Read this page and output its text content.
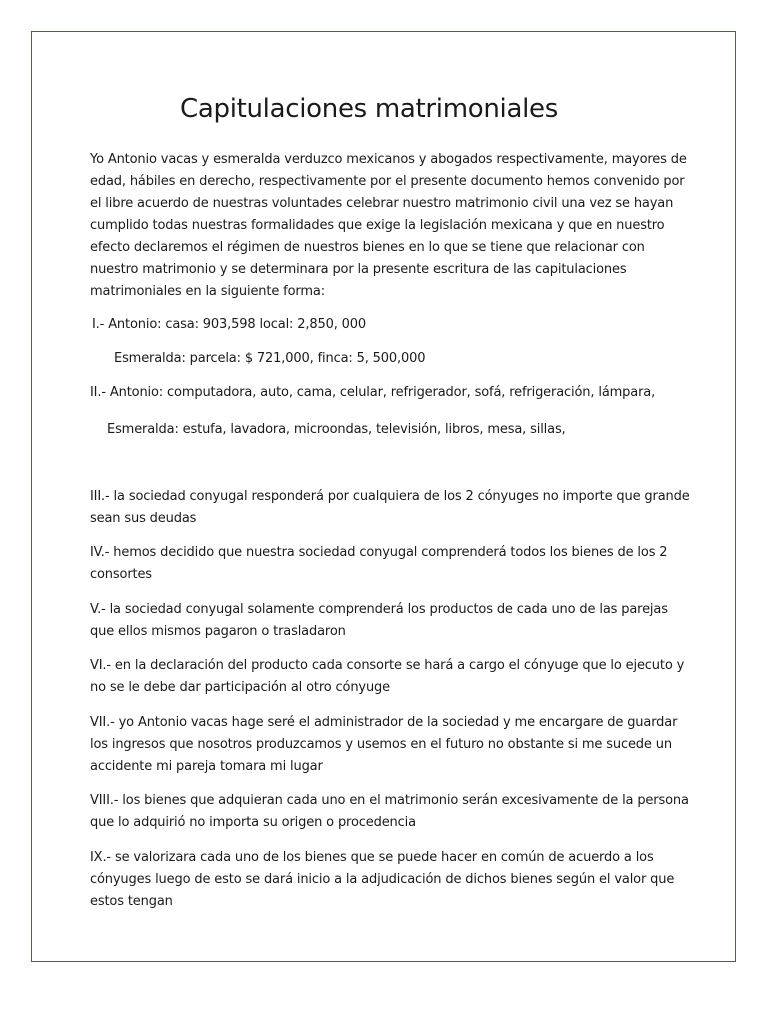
Capitulaciones matrimoniales

Yo Antonio vacas y esmeralda verduzco mexicanos y abogados respectivamente, mayores de edad, hábiles en derecho, respectivamente por el presente documento hemos convenido por el libre acuerdo de nuestras voluntades celebrar nuestro matrimonio civil una vez se hayan cumplido todas nuestras formalidades que exige la legislación mexicana y que en nuestro efecto declaremos el régimen de nuestros bienes en lo que se tiene que relacionar con nuestro matrimonio y se determinara por la presente escritura de las capitulaciones matrimoniales en la siguiente forma:

I.- Antonio: casa: 903,598 local: 2,850, 000
Esmeralda: parcela: $ 721,000, finca: 5, 500,000
II.- Antonio: computadora, auto, cama, celular, refrigerador, sofá, refrigeración, lámpara,
Esmeralda: estufa, lavadora, microondas, televisión, libros, mesa, sillas,

III.- la sociedad conyugal responderá por cualquiera de los 2 cónyuges no importe que grande sean sus deudas

IV.- hemos decidido que nuestra sociedad conyugal comprenderá todos los bienes de los 2 consortes

V.- la sociedad conyugal solamente comprenderá los productos de cada uno de las parejas que ellos mismos pagaron o trasladaron

VI.- en la declaración del producto cada consorte se hará a cargo el cónyuge que lo ejecuto y no se le debe dar participación al otro cónyuge

VII.- yo Antonio vacas hage seré el administrador de la sociedad y me encargare de guardar los ingresos que nosotros produzcamos y usemos en el futuro no obstante si me sucede un accidente mi pareja tomara mi lugar

VIII.- los bienes que adquieran cada uno en el matrimonio serán excesivamente de la persona que lo adquirió no importa su origen o procedencia

IX.- se valorizara cada uno de los bienes que se puede hacer en común de acuerdo a los cónyuges luego de esto se dará inicio a la adjudicación de dichos bienes según el valor que estos tengan
